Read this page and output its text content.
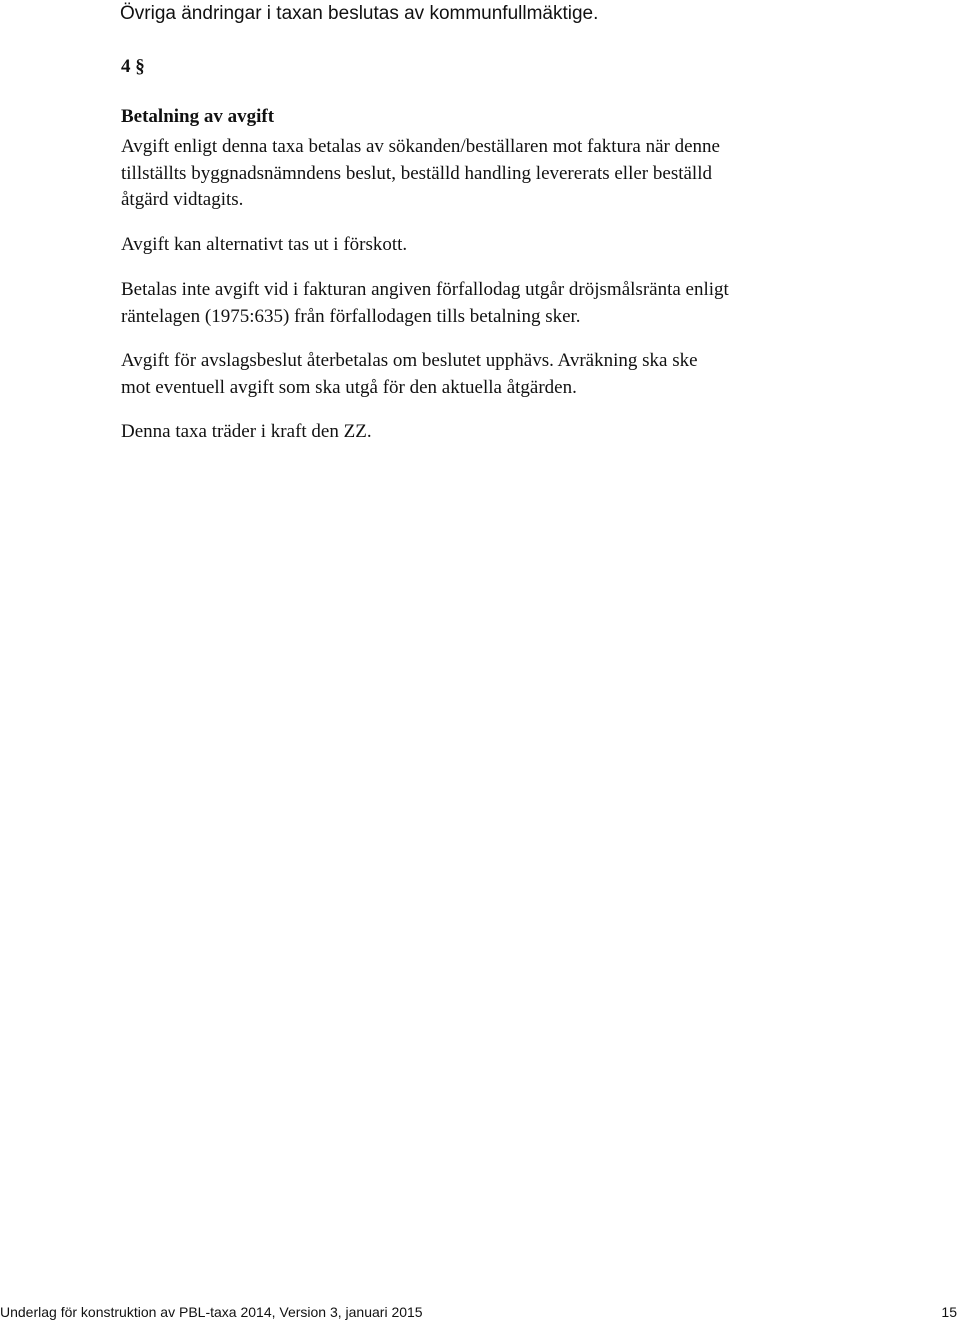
Övriga ändringar i taxan beslutas av kommunfullmäktige.
4 §
Betalning av avgift
Avgift enligt denna taxa betalas av sökanden/beställaren mot faktura när denne
tillställts byggnadsnämndens beslut, beställd handling levererats eller beställd
åtgärd vidtagits.
Avgift kan alternativt tas ut i förskott.
Betalas inte avgift vid i fakturan angiven förfallodag utgår dröjsmålsränta enligt
räntelagen (1975:635) från förfallodagen tills betalning sker.
Avgift för avslagsbeslut återbetalas om beslutet upphävs. Avräkning ska ske
mot eventuell avgift som ska utgå för den aktuella åtgärden.
Denna taxa träder i kraft den ZZ.
Underlag för konstruktion av PBL-taxa 2014, Version 3, januari 2015	15
